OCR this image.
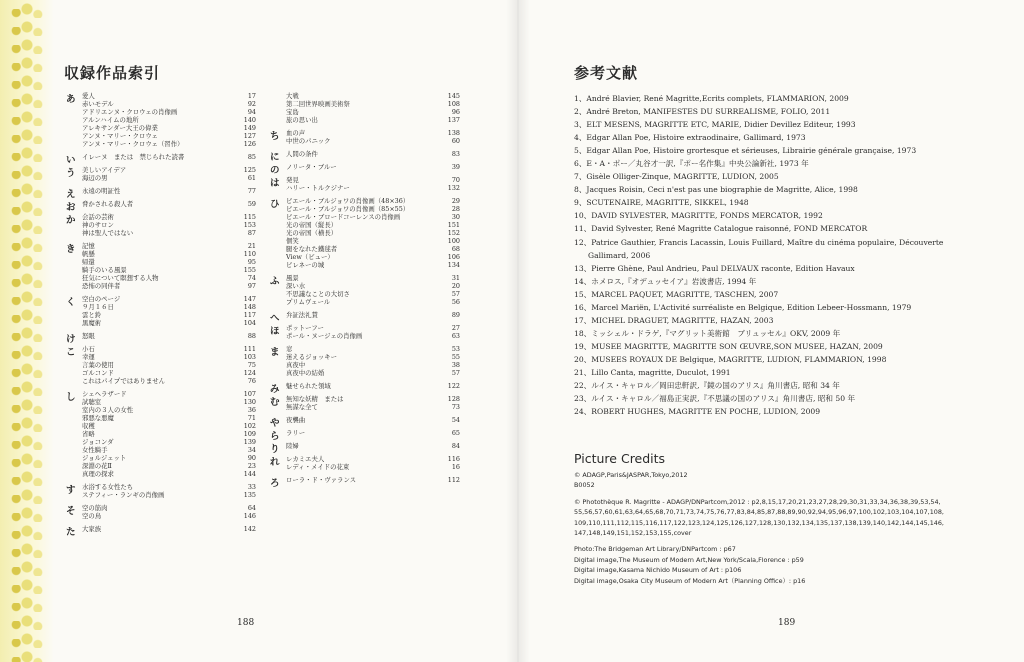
収録作品索引
あ 愛人	17
赤いモデル	92
アドリエンヌ・クロウェの肖像画	94
アルンハイムの地所	140
アレキサンダー大王の偉業	149
アンヌ・マリー・クロウェ	127
アンヌ・マリー・クロウェ（習作）	126
い イレーヌ　または　禁じられた読書	85
う 美しいアイデア	125
海辺の男	61
え 永遠の明証性	77
お 脅かされる殺人者	59
か 会話の芸術	115
神のサロン	153
神は聖人ではない	87
き 記憶	21
帆懸	110
帰還	95
騎手のいる風景	155
狂気について瞑想する人物	74
恐怖の同伴者	97
く 空白のページ	147
９月１６日	148
雲と鈴	117
黒魔術	104
け 怒眼	88
こ 小石	111
幸運	103
言葉の使用	75
ゴルコンド	124
これはパイプではありません	76
し シェヘラザード	107
試聴室	130
室内の３人の女性	36
邪悪な悪魔	71
収穫	102
省略	109
ジョコンダ	139
女性騎手	34
ジョルジェット	90
深淵の花Ⅱ	23
真理の探求	144
す 水浴する女性たち	33
ステフィー・ランギの肖像画	135
そ 空の筋肉	64
空の鳥	146
た 大家族	142
大戦	145
第二回世界映画美術祭	108
宝島	96
旅の思い出	137
ち 血の声	138
中世のパニック	60
に 人間の条件	83
の ノリータ・ブルー	39
は 発見	70
ハリー・トルクジナー	132
ひ ピエール・ブルジョワの肖像画（48×36）	29
ピエール・ブルジョワの肖像画（85×55）	28
ピエール・ブロードコーレンスの肖像画	30
光の帝国（縦長）	151
光の帝国（横長）	152
個笑	100
腿をなれた鐵毬者	68
View（ビュー）	106
ピレネーの城	134
ふ 風景	31
深い水	20
不思議なことの大切さ	57
プリムヴェール	56
へ 弁証法礼賛	89
ほ ポットーフー	27
ポール・ヌージェの肖像画	63
ま 窓	53
迷えるジョッキー	55
真夜中	38
真夜中の結婚	57
み 魅せられた領域	122
む 無知な妖精　または	128
無謀な全て	73
や 夜襲曲	54
ら ラリー	65
り 陸婦	84
れ レカミエ夫人	116
レディ・メイドの花束	16
ろ ローラ・ド・ヴァランス	112
188
参考文献
1、André Blavier, René Magritte,Ecrits complets, FLAMMARION, 2009
2、André Breton, MANIFESTES DU SURREALISME, FOLIO, 2011
3、ELT MESENS, MAGRITTE ETC, MARIE, Didier Devillez Editeur, 1993
4、Edgar Allan Poe, Histoire extraodinaire, Gallimard, 1973
5、Edgar Allan Poe, Histoire grortesque et sérieuses, Librairie générale grançaise, 1973
6、E・A・ポー／丸谷才一訳,『ポー名作集』中央公論新社, 1973 年
7、Gisèle Olliger-Zinque, MAGRITTE, LUDION, 2005
8、Jacques Roisin, Ceci n'est pas une biographie de Magritte, Alice, 1998
9、SCUTENAIRE, MAGRITTE, SIKKEL, 1948
10、DAVID SYLVESTER, MAGRITTE, FONDS MERCATOR, 1992
11、David Sylvester, René Magritte Catalogue raisonné, FOND MERCATOR
12、Patrice Gauthier, Francis Lacassin, Louis Fuillard, Maître du cinéma populaire, Découverte
Gallimard, 2006
13、Pierre Ghène, Paul Andrieu, Paul DELVAUX raconte, Edition Havaux
14、ホメロス,『オデュッセイア』岩波書店, 1994 年
15、MARCEL PAQUET, MAGRITTE, TASCHEN, 2007
16、Marcel Mariën, L'Activité surréaliste en Belgique, Edition Lebeer-Hossmann, 1979
17、MICHEL DRAGUET, MAGRITTE, HAZAN, 2003
18、ミッシェル・ドラゲ,『マグリット美術館　ブリュッセル』OKV, 2009 年
19、MUSEE MAGRITTE, MAGRITTE SON ŒUVRE,SON MUSEE, HAZAN, 2009
20、MUSEES ROYAUX DE Belgique, MAGRITTE, LUDION, FLAMMARION, 1998
21、Lillo Canta, magritte, Duculot, 1991
22、ルイス・キャロル／岡田忠軒訳,『鏡の国のアリス』角川書店, 昭和 34 年
23、ルイス・キャロル／福島正実訳,『不思議の国のアリス』角川書店, 昭和 50 年
24、ROBERT HUGHES, MAGRITTE EN POCHE, LUDION, 2009
Picture Credits
© ADAGP,Paris&JASPAR,Tokyo,2012
B0052
© Photothèque R. Magritte - ADAGP/DNPartcom,2012 : p2,8,15,17,20,21,23,27,28,29,30,31,33,34,36,38,39,53,54,
55,56,57,60,61,63,64,65,68,70,71,73,74,75,76,77,83,84,85,87,88,89,90,92,94,95,96,97,100,102,103,104,107,108,
109,110,111,112,115,116,117,122,123,124,125,126,127,128,130,132,134,135,137,138,139,140,142,144,145,146,
147,148,149,151,152,153,155,cover
Photo:The Bridgeman Art Library/DNPartcom : p67
Digital image,The Museum of Modern Art,New York/Scala,Florence : p59
Digital image,Kasama Nichido Museum of Art : p106
Digital image,Osaka City Museum of Modern Art（Planning Office）: p16
189
